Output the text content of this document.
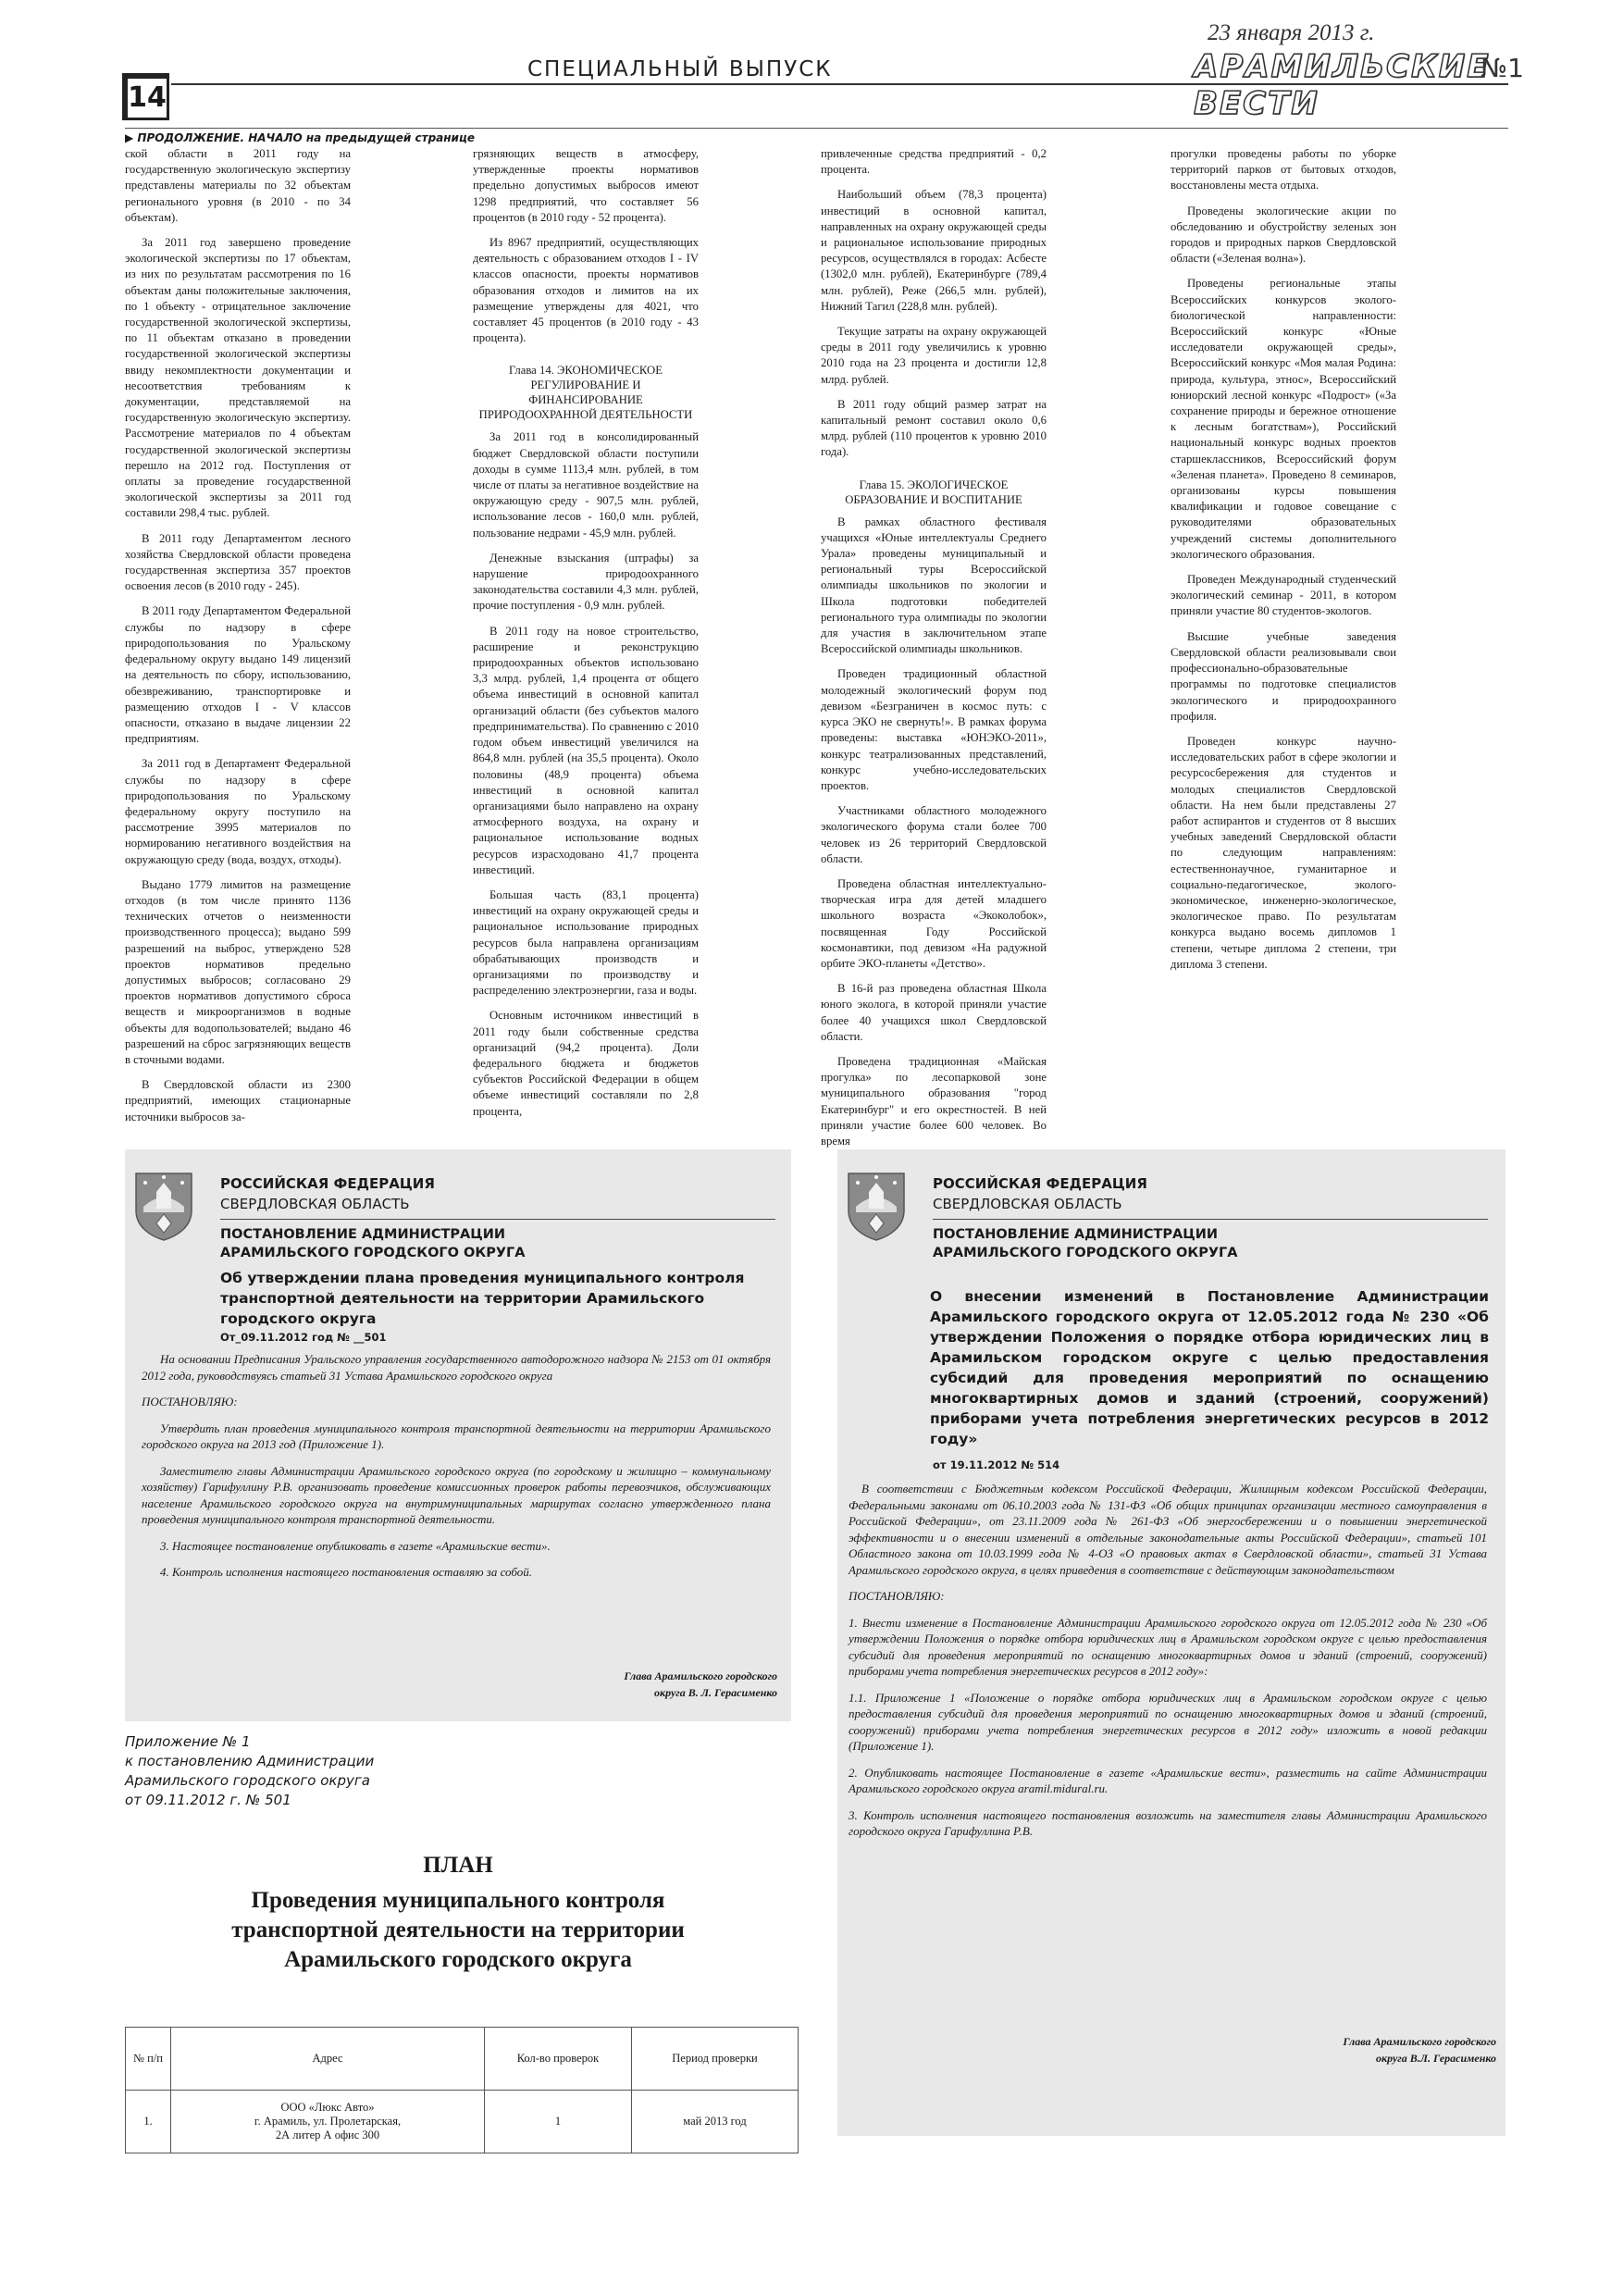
14
СПЕЦИАЛЬНЫЙ ВЫПУСК
23 января 2013 г.
АРАМИЛЬСКИЕ ВЕСТИ
№1
▶ ПРОДОЛЖЕНИЕ. НАЧАЛО на предыдущей странице

ской области в 2011 году на государственную экологическую экспертизу представлены материалы по 32 объектам регионального уровня (в 2010 - по 34 объектам).

За 2011 год завершено проведение экологической экспертизы по 17 объектам, из них по результатам рассмотрения по 16 объектам даны положительные заключения, по 1 объекту - отрицательное заключение государственной экологической экспертизы, по 11 объектам отказано в проведении государственной экологической экспертизы ввиду некомплектности документации и несоответствия требованиям к документации, представляемой на государственную экологическую экспертизу. Рассмотрение материалов по 4 объектам государственной экологической экспертизы перешло на 2012 год. Поступления от оплаты за проведение государственной экологической экспертизы за 2011 год составили 298,4 тыс. рублей.

В 2011 году Департаментом лесного хозяйства Свердловской области проведена государственная экспертиза 357 проектов освоения лесов (в 2010 году - 245).

В 2011 году Департаментом Федеральной службы по надзору в сфере природопользования по Уральскому федеральному округу выдано 149 лицензий на деятельность по сбору, использованию, обезвреживанию, транспортировке и размещению отходов I - V классов опасности, отказано в выдаче лицензии 22 предприятиям.

За 2011 год в Департамент Федеральной службы по надзору в сфере природопользования по Уральскому федеральному округу поступило на рассмотрение 3995 материалов по нормированию негативного воздействия на окружающую среду (вода, воздух, отходы).

Выдано 1779 лимитов на размещение отходов (в том числе принято 1136 технических отчетов о неизменности производственного процесса); выдано 599 разрешений на выброс, утверждено 528 проектов нормативов предельно допустимых выбросов; согласовано 29 проектов нормативов допустимого сброса веществ и микроорганизмов в водные объекты для водопользователей; выдано 46 разрешений на сброс загрязняющих веществ в сточными водами.

В Свердловской области из 2300 предприятий, имеющих стационарные источники выбросов за-

грязняющих веществ в атмосферу, утвержденные проекты нормативов предельно допустимых выбросов имеют 1298 предприятий, что составляет 56 процентов (в 2010 году - 52 процента).

Из 8967 предприятий, осуществляющих деятельность с образованием отходов I - IV классов опасности, проекты нормативов образования отходов и лимитов на их размещение утверждены для 4021, что составляет 45 процентов (в 2010 году - 43 процента).

Глава 14. ЭКОНОМИЧЕСКОЕ РЕГУЛИРОВАНИЕ И ФИНАНСИРОВАНИЕ ПРИРОДООХРАННОЙ ДЕЯТЕЛЬНОСТИ

За 2011 год в консолидированный бюджет Свердловской области поступили доходы в сумме 1113,4 млн. рублей, в том числе от платы за негативное воздействие на окружающую среду - 907,5 млн. рублей, использование лесов - 160,0 млн. рублей, пользование недрами - 45,9 млн. рублей.

Денежные взыскания (штрафы) за нарушение природоохранного законодательства составили 4,3 млн. рублей, прочие поступления - 0,9 млн. рублей.

В 2011 году на новое строительство, расширение и реконструкцию природоохранных объектов использовано 3,3 млрд. рублей, 1,4 процента от общего объема инвестиций в основной капитал организаций области (без субъектов малого предпринимательства). По сравнению с 2010 годом объем инвестиций увеличился на 864,8 млн. рублей (на 35,5 процента). Около половины (48,9 процента) объема инвестиций в основной капитал организациями было направлено на охрану атмосферного воздуха, на охрану и рациональное использование водных ресурсов израсходовано 41,7 процента инвестиций.

Большая часть (83,1 процента) инвестиций на охрану окружающей среды и рациональное использование природных ресурсов была направлена организациям обрабатывающих производств и организациями по производству и распределению электроэнергии, газа и воды.

Основным источником инвестиций в 2011 году были собственные средства организаций (94,2 процента). Доли федерального бюджета и бюджетов субъектов Российской Федерации в общем объеме инвестиций составляли по 2,8 процента,

привлеченные средства предприятий - 0,2 процента.

Наибольший объем (78,3 процента) инвестиций в основной капитал, направленных на охрану окружающей среды и рациональное использование природных ресурсов, осуществлялся в городах: Асбесте (1302,0 млн. рублей), Екатеринбурге (789,4 млн. рублей), Реже (266,5 млн. рублей), Нижний Тагил (228,8 млн. рублей).

Текущие затраты на охрану окружающей среды в 2011 году увеличились к уровню 2010 года на 23 процента и достигли 12,8 млрд. рублей.

В 2011 году общий размер затрат на капитальный ремонт составил около 0,6 млрд. рублей (110 процентов к уровню 2010 года).

Глава 15. ЭКОЛОГИЧЕСКОЕ ОБРАЗОВАНИЕ И ВОСПИТАНИЕ

В рамках областного фестиваля учащихся «Юные интеллектуалы Среднего Урала» проведены муниципальный и региональный туры Всероссийской олимпиады школьников по экологии и Школа подготовки победителей регионального тура олимпиады по экологии для участия в заключительном этапе Всероссийской олимпиады школьников.

Проведен традиционный областной молодежный экологический форум под девизом «Безграничен в космос путь: с курса ЭКО не свернуть!». В рамках форума проведены: выставка «ЮНЭКО-2011», конкурс театрализованных представлений, конкурс учебно-исследовательских проектов.

Участниками областного молодежного экологического форума стали более 700 человек из 26 территорий Свердловской области.

Проведена областная интеллектуально-творческая игра для детей младшего школьного возраста «Экоколобок», посвященная Году Российской космонавтики, под девизом «На радужной орбите ЭКО-планеты «Детство».

В 16-й раз проведена областная Школа юного эколога, в которой приняли участие более 40 учащихся школ Свердловской области.

Проведена традиционная «Майская прогулка» по лесопарковой зоне муниципального образования "город Екатеринбург" и его окрестностей. В ней приняли участие более 600 человек. Во время

прогулки проведены работы по уборке территорий парков от бытовых отходов, восстановлены места отдыха.

Проведены экологические акции по обследованию и обустройству зеленых зон городов и природных парков Свердловской области («Зеленая волна»).

Проведены региональные этапы Всероссийских конкурсов эколого-биологической направленности: Всероссийский конкурс «Юные исследователи окружающей среды», Всероссийский конкурс «Моя малая Родина: природа, культура, этнос», Всероссийский юниорский лесной конкурс «Подрост» («За сохранение природы и бережное отношение к лесным богатствам»), Российский национальный конкурс водных проектов старшеклассников, Всероссийский форум «Зеленая планета». Проведено 8 семинаров, организованы курсы повышения квалификации и годовое совещание с руководителями образовательных учреждений системы дополнительного экологического образования.

Проведен Международный студенческий экологический семинар - 2011, в котором приняли участие 80 студентов-экологов.

Высшие учебные заведения Свердловской области реализовывали свои профессионально-образовательные программы по подготовке специалистов экологического и природоохранного профиля.

Проведен конкурс научно-исследовательских работ в сфере экологии и ресурсосбережения для студентов и молодых специалистов Свердловской области. На нем были представлены 27 работ аспирантов и студентов от 8 высших учебных заведений Свердловской области по следующим направлениям: естественнонаучное, гуманитарное и социально-педагогическое, эколого-экономическое, инженерно-экологическое, экологическое право. По результатам конкурса выдано восемь дипломов 1 степени, четыре диплома 2 степени, три диплома 3 степени.

РОССИЙСКАЯ ФЕДЕРАЦИЯ
СВЕРДЛОВСКАЯ ОБЛАСТЬ
ПОСТАНОВЛЕНИЕ АДМИНИСТРАЦИИ
АРАМИЛЬСКОГО ГОРОДСКОГО ОКРУГА
Об утверждении плана проведения муниципального контроля транспортной деятельности на территории Арамильского городского округа
От_09.11.2012 год № __501

На основании Предписания Уральского управления государственного автодорожного надзора № 2153 от 01 октября 2012 года, руководствуясь статьей 31 Устава Арамильского городского округа

ПОСТАНОВЛЯЮ:

Утвердить план проведения муниципального контроля транспортной деятельности на территории Арамильского городского округа на 2013 год (Приложение 1).

Заместителю главы Администрации Арамильского городского округа (по городскому и жилищно – коммунальному хозяйству) Гарифуллину Р.В. организовать проведение комиссионных проверок работы перевозчиков, обслуживающих население Арамильского городского округа на внутримуниципальных маршрутах согласно утвержденного плана проведения муниципального контроля транспортной деятельности.

3. Настоящее постановление опубликовать в газете «Арамильские вести».

4. Контроль исполнения настоящего постановления оставляю за собой.

Глава Арамильского городского
округа В. Л. Герасименко
Приложение № 1
к постановлению Администрации
Арамильского городского округа
от 09.11.2012 г. № 501
ПЛАН
Проведения муниципального контроля транспортной деятельности на территории Арамильского городского округа
№ п/п	Адрес	Кол-во проверок	Период проверки
1.	ООО «Люкс Авто»
г. Арамиль, ул. Пролетарская,
2А литер А офис 300	1	май 2013 год
РОССИЙСКАЯ ФЕДЕРАЦИЯ
СВЕРДЛОВСКАЯ ОБЛАСТЬ
ПОСТАНОВЛЕНИЕ АДМИНИСТРАЦИИ
АРАМИЛЬСКОГО ГОРОДСКОГО ОКРУГА
О внесении изменений в Постановление Администрации Арамильского городского округа от 12.05.2012 года № 230 «Об утверждении Положения о порядке отбора юридических лиц в Арамильском городском округе с целью предоставления субсидий для проведения мероприятий по оснащению многоквартирных домов и зданий (строений, сооружений) приборами учета потребления энергетических ресурсов в 2012 году»
от 19.11.2012 № 514

В соответствии с Бюджетным кодексом Российской Федерации, Жилищным кодексом Российской Федерации, Федеральными законами от 06.10.2003 года № 131-ФЗ «Об общих принципах организации местного самоуправления в Российской Федерации», от 23.11.2009 года № 261-ФЗ «Об энергосбережении и о повышении энергетической эффективности и о внесении изменений в отдельные законодательные акты Российской Федерации», статьей 101 Областного закона от 10.03.1999 года № 4-ОЗ «О правовых актах в Свердловской области», статьей 31 Устава Арамильского городского округа, в целях приведения в соответствие с действующим законодательством

ПОСТАНОВЛЯЮ:

1. Внести изменение в Постановление Администрации Арамильского городского округа от 12.05.2012 года № 230 «Об утверждении Положения о порядке отбора юридических лиц в Арамильском городском округе с целью предоставления субсидий для проведения мероприятий по оснащению многоквартирных домов и зданий (строений, сооружений) приборами учета потребления энергетических ресурсов в 2012 году»:

1.1. Приложение 1 «Положение о порядке отбора юридических лиц в Арамильском городском округе с целью предоставления субсидий для проведения мероприятий по оснащению многоквартирных домов и зданий (строений, сооружений) приборами учета потребления энергетических ресурсов в 2012 году» изложить в новой редакции (Приложение 1).

2. Опубликовать настоящее Постановление в газете «Арамильские вести», разместить на сайте Администрации Арамильского городского округа aramil.midural.ru.

3. Контроль исполнения настоящего постановления возложить на заместителя главы Администрации Арамильского городского округа Гарифуллина Р.В.

Глава Арамильского городского
округа В.Л. Герасименко
